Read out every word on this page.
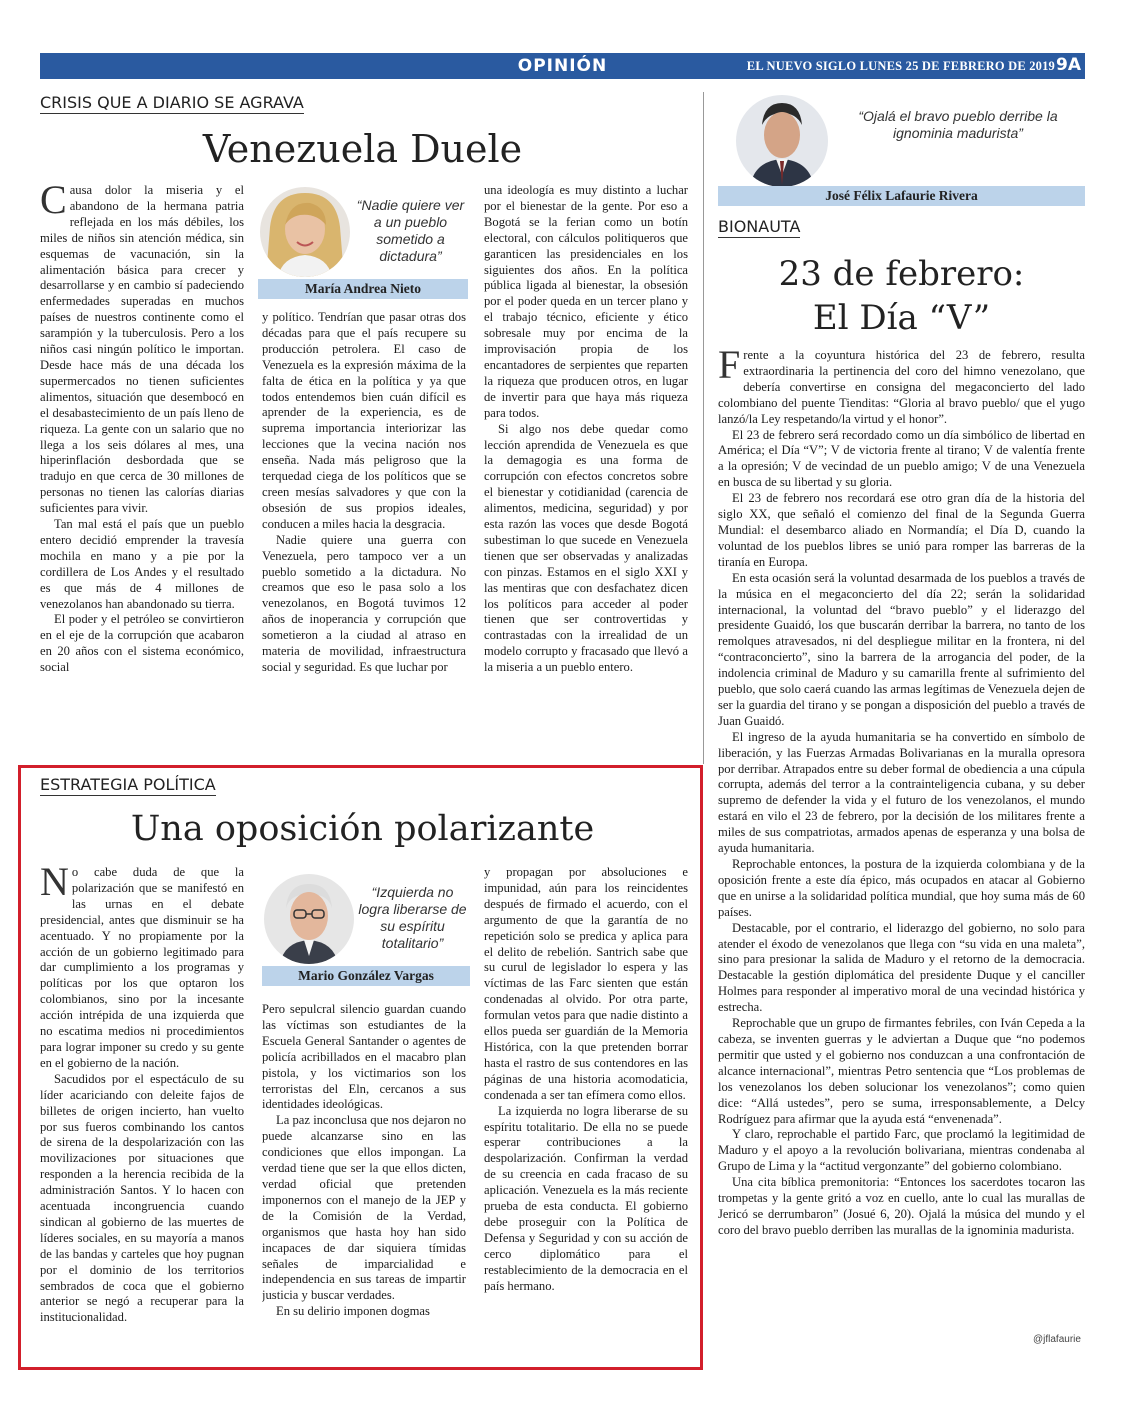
OPINIÓN	EL NUEVO SIGLO LUNES 25 DE FEBRERO DE 2019 9A
CRISIS QUE A DIARIO SE AGRAVA
Venezuela Duele

Causa dolor la miseria y el abandono de la hermana patria reflejada en los más débiles, los miles de niños sin atención médica, sin esquemas de vacunación, sin la alimentación básica para crecer y desarrollarse y en cambio sí padeciendo enfermedades superadas en muchos países de nuestros continente como el sarampión y la tuberculosis. Pero a los niños casi ningún político le importan. Desde hace más de una década los supermercados no tienen suficientes alimentos, situación que desembocó en el desabastecimiento de un país lleno de riqueza. La gente con un salario que no llega a los seis dólares al mes, una hiperinflación desbordada que se tradujo en que cerca de 30 millones de personas no tienen las calorías diarias suficientes para vivir.

Tan mal está el país que un pueblo entero decidió emprender la travesía mochila en mano y a pie por la cordillera de Los Andes y el resultado es que más de 4 millones de venezolanos han abandonado su tierra.

El poder y el petróleo se convirtieron en el eje de la corrupción que acabaron en 20 años con el sistema económico, social

“Nadie quiere ver a un pueblo sometido a dictadura”
María Andrea Nieto

y político. Tendrían que pasar otras dos décadas para que el país recupere su producción petrolera. El caso de Venezuela es la expresión máxima de la falta de ética en la política y ya que todos entendemos bien cuán difícil es aprender de la experiencia, es de suprema importancia interiorizar las lecciones que la vecina nación nos enseña. Nada más peligroso que la terquedad ciega de los políticos que se creen mesías salvadores y que con la obsesión de sus propios ideales, conducen a miles hacia la desgracia.

Nadie quiere una guerra con Venezuela, pero tampoco ver a un pueblo sometido a la dictadura. No creamos que eso le pasa solo a los venezolanos, en Bogotá tuvimos 12 años de inoperancia y corrupción que sometieron a la ciudad al atraso en materia de movilidad, infraestructura social y seguridad. Es que luchar por

una ideología es muy distinto a luchar por el bienestar de la gente. Por eso a Bogotá se la ferian como un botín electoral, con cálculos politiqueros que garanticen las presidenciales en los siguientes dos años. En la política pública ligada al bienestar, la obsesión por el poder queda en un tercer plano y el trabajo técnico, eficiente y ético sobresale muy por encima de la improvisación propia de los encantadores de serpientes que reparten la riqueza que producen otros, en lugar de invertir para que haya más riqueza para todos.

Si algo nos debe quedar como lección aprendida de Venezuela es que la demagogia es una forma de corrupción con efectos concretos sobre el bienestar y cotidianidad (carencia de alimentos, medicina, seguridad) y por esta razón las voces que desde Bogotá subestiman lo que sucede en Venezuela tienen que ser observadas y analizadas con pinzas. Estamos en el siglo XXI y las mentiras que con desfachatez dicen los políticos para acceder al poder tienen que ser controvertidas y contrastadas con la irrealidad de un modelo corrupto y fracasado que llevó a la miseria a un pueblo entero.

ESTRATEGIA POLÍTICA
Una oposición polarizante

No cabe duda de que la polarización que se manifestó en las urnas en el debate presidencial, antes que disminuir se ha acentuado. Y no propiamente por la acción de un gobierno legitimado para dar cumplimiento a los programas y políticas por los que optaron los colombianos, sino por la incesante acción intrépida de una izquierda que no escatima medios ni procedimientos para lograr imponer su credo y su gente en el gobierno de la nación.

Sacudidos por el espectáculo de su líder acariciando con deleite fajos de billetes de origen incierto, han vuelto por sus fueros combinando los cantos de sirena de la despolarización con las movilizaciones por situaciones que responden a la herencia recibida de la administración Santos. Y lo hacen con acentuada incongruencia cuando sindican al gobierno de las muertes de líderes sociales, en su mayoría a manos de las bandas y carteles que hoy pugnan por el dominio de los territorios sembrados de coca que el gobierno anterior se negó a recuperar para la institucionalidad.

“Izquierda no logra liberarse de su espíritu totalitario”
Mario González Vargas

Pero sepulcral silencio guardan cuando las víctimas son estudiantes de la Escuela General Santander o agentes de policía acribillados en el macabro plan pistola, y los victimarios son los terroristas del Eln, cercanos a sus identidades ideológicas.

La paz inconclusa que nos dejaron no puede alcanzarse sino en las condiciones que ellos impongan. La verdad tiene que ser la que ellos dicten, verdad oficial que pretenden imponernos con el manejo de la JEP y de la Comisión de la Verdad, organismos que hasta hoy han sido incapaces de dar siquiera tímidas señales de imparcialidad e independencia en sus tareas de impartir justicia y buscar verdades.

En su delirio imponen dogmas

y propagan por absoluciones e impunidad, aún para los reincidentes después de firmado el acuerdo, con el argumento de que la garantía de no repetición solo se predica y aplica para el delito de rebelión. Santrich sabe que su curul de legislador lo espera y las víctimas de las Farc sienten que están condenadas al olvido. Por otra parte, formulan vetos para que nadie distinto a ellos pueda ser guardián de la Memoria Histórica, con la que pretenden borrar hasta el rastro de sus contendores en las páginas de una historia acomodaticia, condenada a ser tan efímera como ellos.

La izquierda no logra liberarse de su espíritu totalitario. De ella no se puede esperar contribuciones a la despolarización. Confirman la verdad de su creencia en cada fracaso de su aplicación. Venezuela es la más reciente prueba de esta conducta. El gobierno debe proseguir con la Política de Defensa y Seguridad y con su acción de cerco diplomático para el restablecimiento de la democracia en el país hermano.

“Ojalá el bravo pueblo derribe la ignominia madurista”
José Félix Lafaurie Rivera
BIONAUTA
23 de febrero:
El Día “V”

Frente a la coyuntura histórica del 23 de febrero, resulta extraordinaria la pertinencia del coro del himno venezolano, que debería convertirse en consigna del megaconcierto del lado colombiano del puente Tienditas: “Gloria al bravo pueblo/ que el yugo lanzó/la Ley respetando/la virtud y el honor”.

El 23 de febrero será recordado como un día simbólico de libertad en América; el Día “V”; V de victoria frente al tirano; V de valentía frente a la opresión; V de vecindad de un pueblo amigo; V de una Venezuela en busca de su libertad y su gloria.

El 23 de febrero nos recordará ese otro gran día de la historia del siglo XX, que señaló el comienzo del final de la Segunda Guerra Mundial: el desembarco aliado en Normandía; el Día D, cuando la voluntad de los pueblos libres se unió para romper las barreras de la tiranía en Europa.

En esta ocasión será la voluntad desarmada de los pueblos a través de la música en el megaconcierto del día 22; serán la solidaridad internacional, la voluntad del “bravo pueblo” y el liderazgo del presidente Guaidó, los que buscarán derribar la barrera, no tanto de los remolques atravesados, ni del despliegue militar en la frontera, ni del “contraconcierto”, sino la barrera de la arrogancia del poder, de la indolencia criminal de Maduro y su camarilla frente al sufrimiento del pueblo, que solo caerá cuando las armas legítimas de Venezuela dejen de ser la guardia del tirano y se pongan a disposición del pueblo a través de Juan Guaidó.

El ingreso de la ayuda humanitaria se ha convertido en símbolo de liberación, y las Fuerzas Armadas Bolivarianas en la muralla opresora por derribar. Atrapados entre su deber formal de obediencia a una cúpula corrupta, además del terror a la contrainteligencia cubana, y su deber supremo de defender la vida y el futuro de los venezolanos, el mundo estará en vilo el 23 de febrero, por la decisión de los militares frente a miles de sus compatriotas, armados apenas de esperanza y una bolsa de ayuda humanitaria.

Reprochable entonces, la postura de la izquierda colombiana y de la oposición frente a este día épico, más ocupados en atacar al Gobierno que en unirse a la solidaridad política mundial, que hoy suma más de 60 países.

Destacable, por el contrario, el liderazgo del gobierno, no solo para atender el éxodo de venezolanos que llega con “su vida en una maleta”, sino para presionar la salida de Maduro y el retorno de la democracia. Destacable la gestión diplomática del presidente Duque y el canciller Holmes para responder al imperativo moral de una vecindad histórica y estrecha.

Reprochable que un grupo de firmantes febriles, con Iván Cepeda a la cabeza, se inventen guerras y le adviertan a Duque que “no podemos permitir que usted y el gobierno nos conduzcan a una confrontación de alcance internacional”, mientras Petro sentencia que “Los problemas de los venezolanos los deben solucionar los venezolanos”; como quien dice: “Allá ustedes”, pero se suma, irresponsablemente, a Delcy Rodríguez para afirmar que la ayuda está “envenenada”.

Y claro, reprochable el partido Farc, que proclamó la legitimidad de Maduro y el apoyo a la revolución bolivariana, mientras condenaba al Grupo de Lima y la “actitud vergonzante” del gobierno colombiano.

Una cita bíblica premonitoria: “Entonces los sacerdotes tocaron las trompetas y la gente gritó a voz en cuello, ante lo cual las murallas de Jericó se derrumbaron” (Josué 6, 20). Ojalá la música del mundo y el coro del bravo pueblo derriben las murallas de la ignominia madurista.

@jflafaurie
